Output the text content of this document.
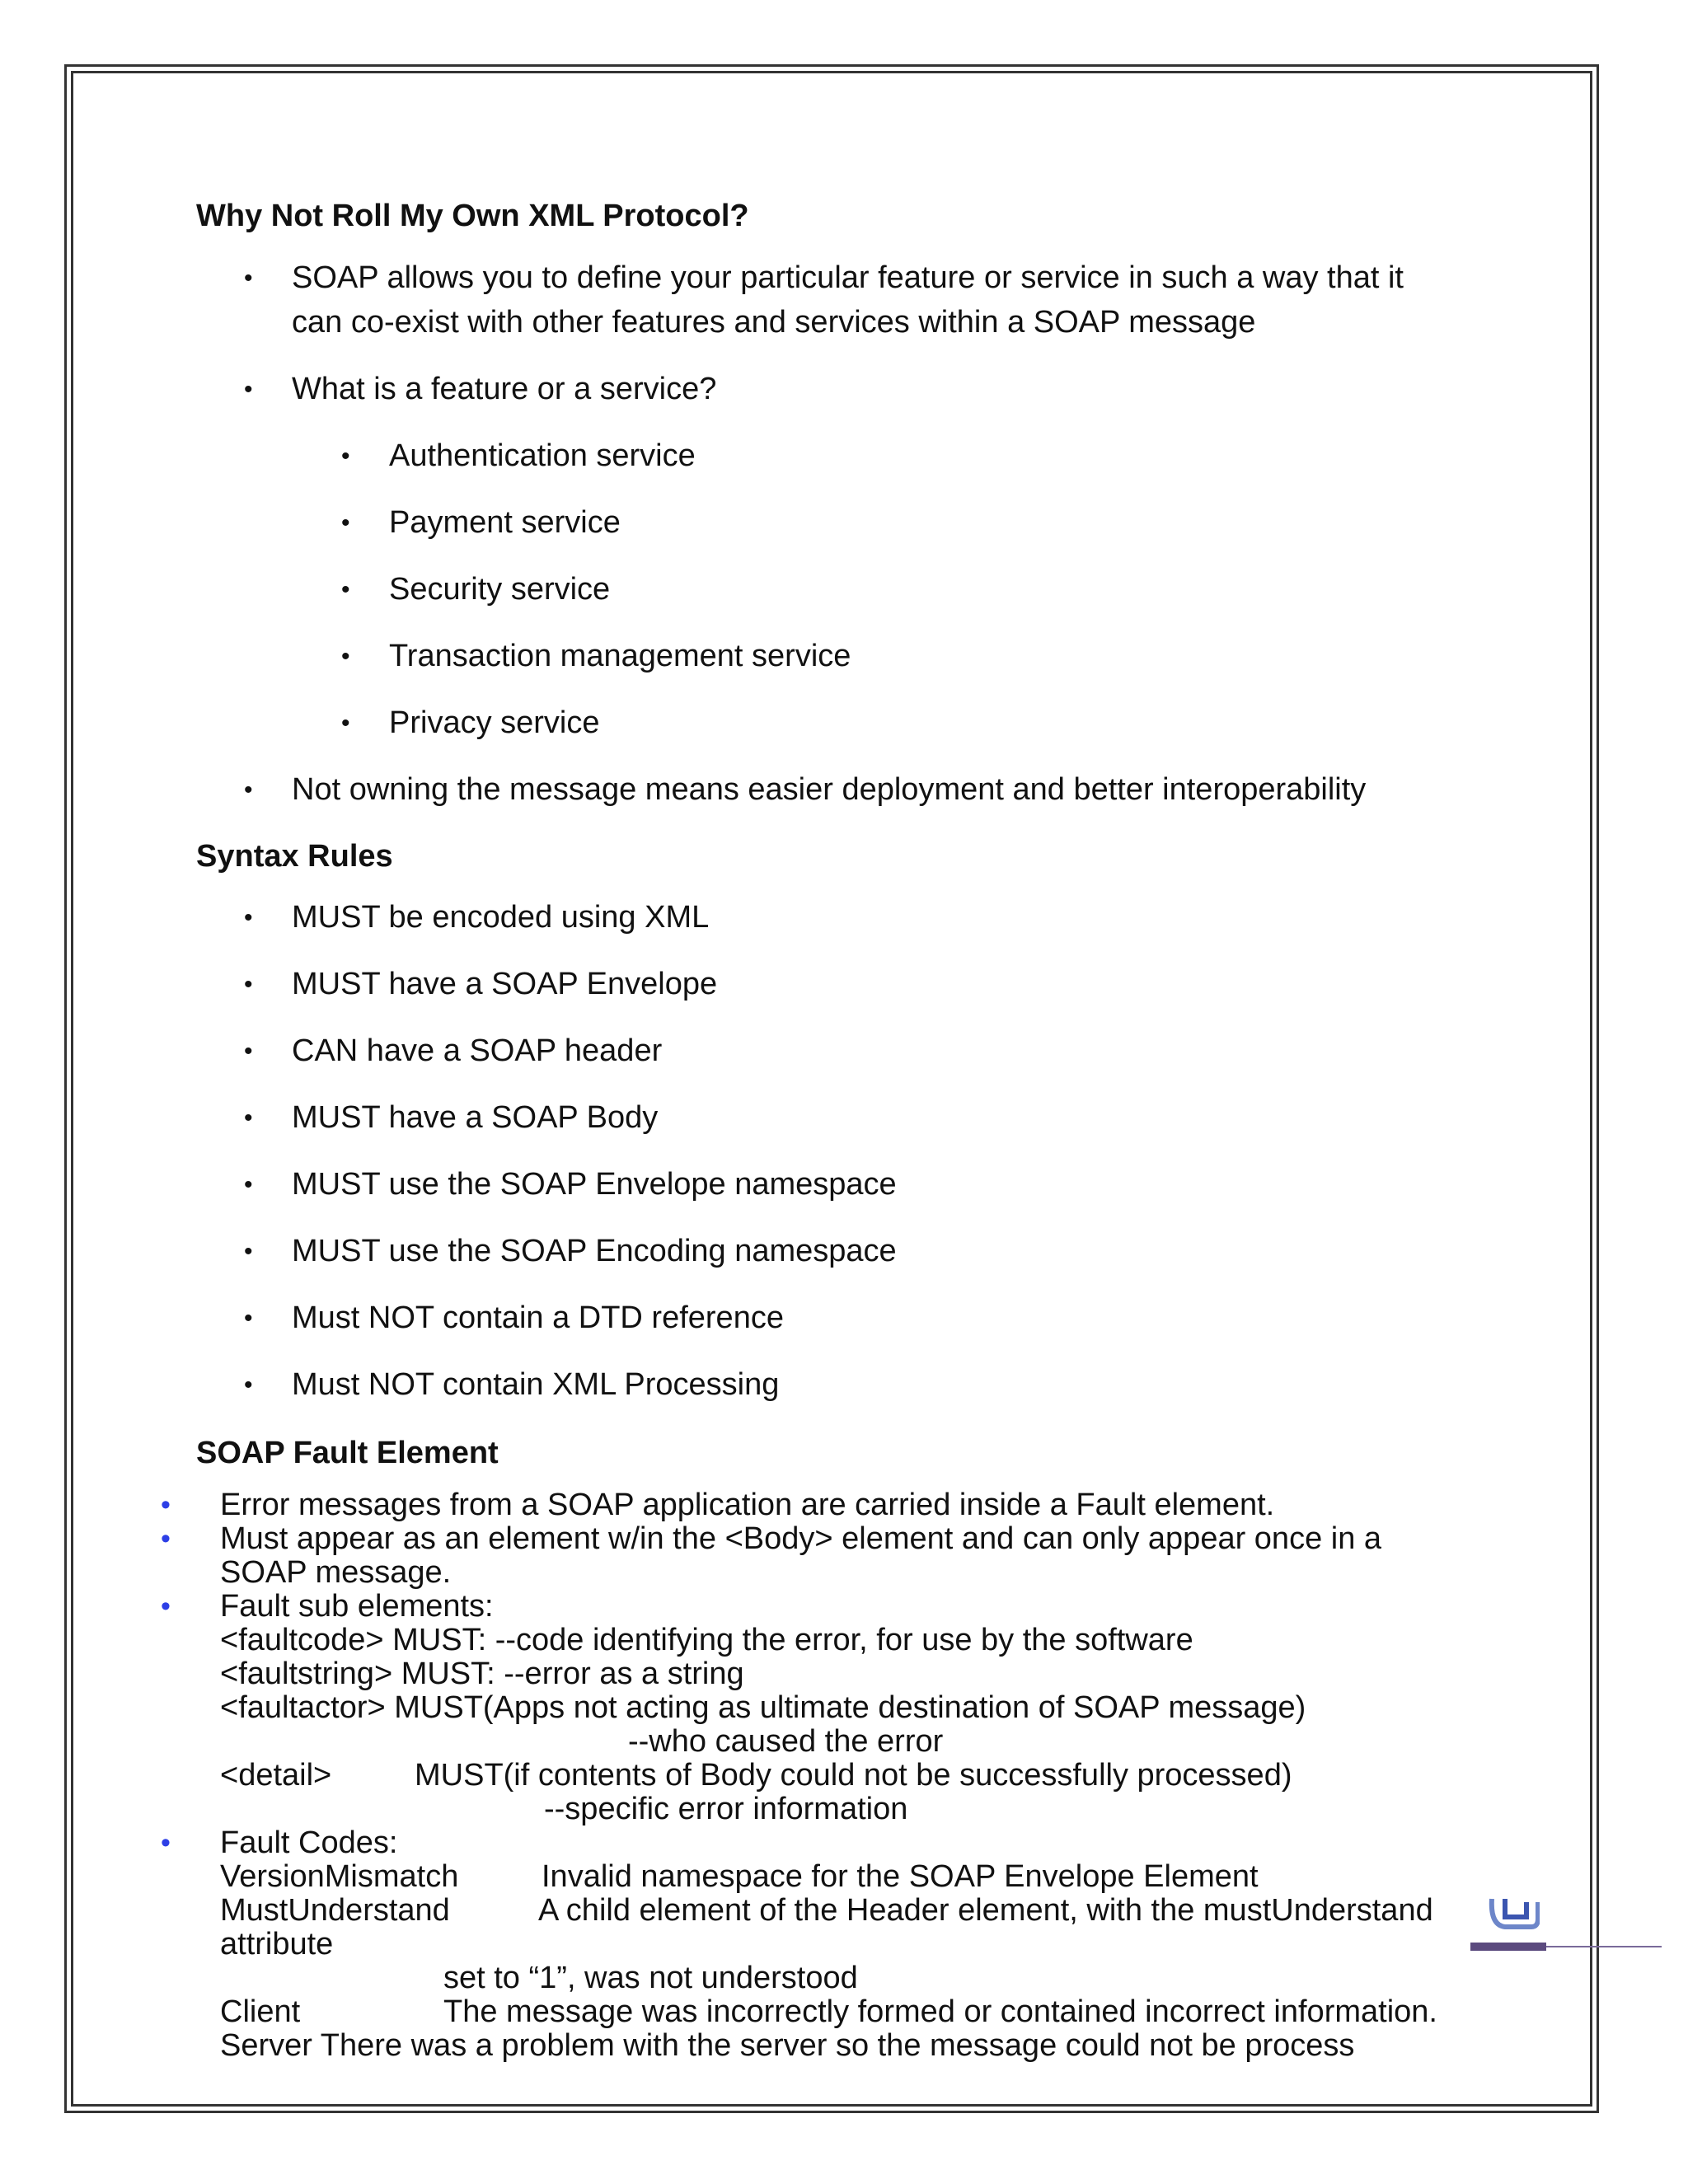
Why Not Roll My Own XML Protocol?
•	SOAP allows you to define your particular feature or service in such a way that it
can co-exist with other features and services within a SOAP message
•	What is a feature or a service?
•	Authentication service
•	Payment service
•	Security service
•	Transaction management service
•	Privacy service
•	Not owning the message means easier deployment and better interoperability
Syntax Rules
•	MUST be encoded using XML
•	MUST have a SOAP Envelope
•	CAN have a SOAP header
•	MUST have a SOAP Body
•	MUST use the SOAP Envelope namespace
•	MUST use the SOAP Encoding namespace
•	Must NOT contain a DTD reference
•	Must NOT contain XML Processing
SOAP Fault Element
• Error messages from a SOAP application are carried inside a Fault element.
• Must appear as an element w/in the <Body> element and can only appear once in a
SOAP message.
• Fault sub elements:
<faultcode> MUST: --code identifying the error, for use by the software
<faultstring> MUST: --error as a string
<faultactor> MUST(Apps not acting as ultimate destination of SOAP message)
--who caused the error
<detail>	MUST(if contents of Body could not be successfully processed)
--specific error information
• Fault Codes:
VersionMismatch	Invalid namespace for the SOAP Envelope Element
MustUnderstand	A child element of the Header element, with the mustUnderstand
attribute
set to “1”, was not understood
Client	The message was incorrectly formed or contained incorrect information.
Server There was a problem with the server so the message could not be process
